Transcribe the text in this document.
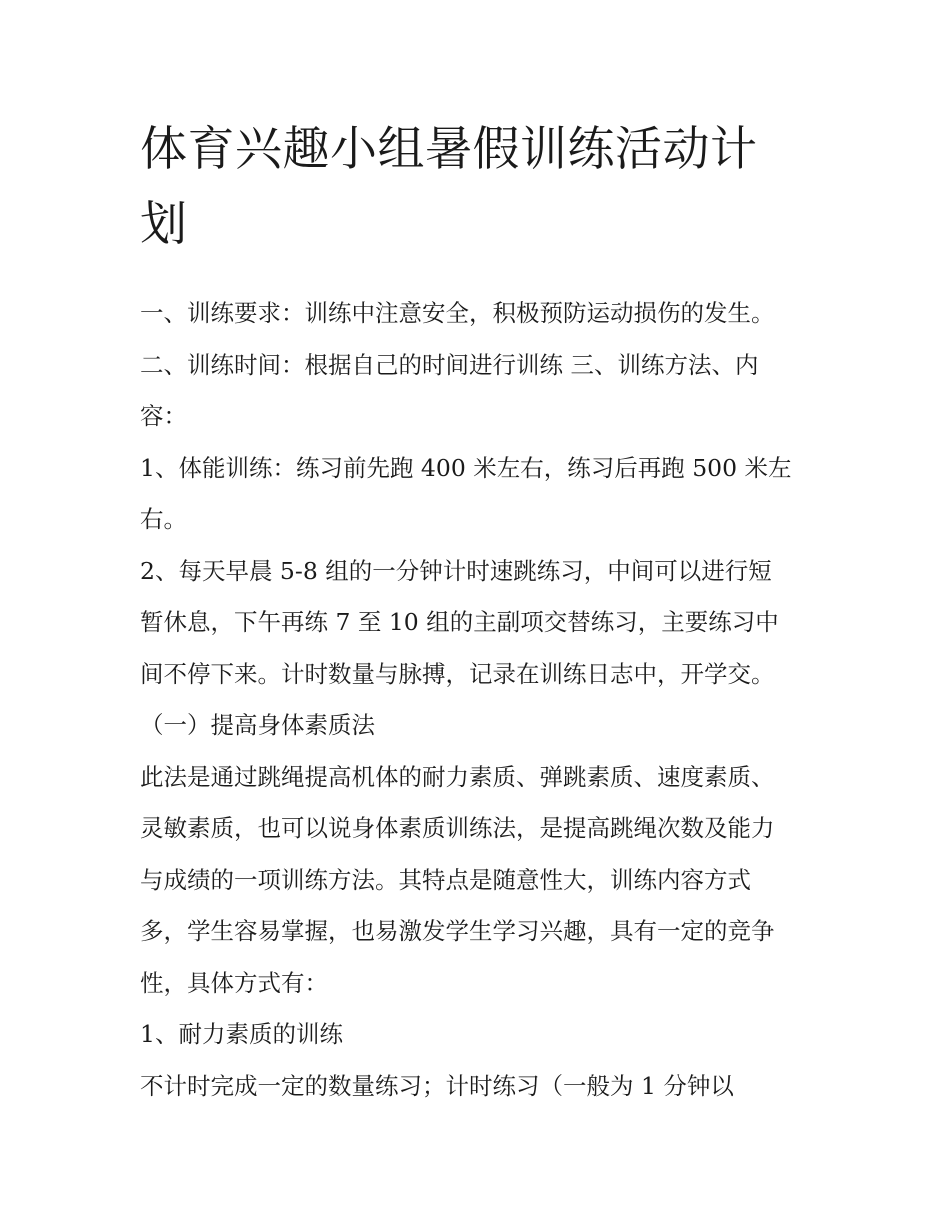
体育兴趣小组暑假训练活动计
划
一、训练要求：训练中注意安全，积极预防运动损伤的发生。
二、训练时间：根据自己的时间进行训练 三、训练方法、内
容：
1、体能训练：练习前先跑 400 米左右，练习后再跑 500 米左
右。
2、每天早晨 5-8 组的一分钟计时速跳练习，中间可以进行短
暂休息，下午再练 7 至 10 组的主副项交替练习，主要练习中
间不停下来。计时数量与脉搏，记录在训练日志中，开学交。
（一）提高身体素质法
此法是通过跳绳提高机体的耐力素质、弹跳素质、速度素质、
灵敏素质，也可以说身体素质训练法，是提高跳绳次数及能力
与成绩的一项训练方法。其特点是随意性大，训练内容方式
多，学生容易掌握，也易激发学生学习兴趣，具有一定的竞争
性，具体方式有：
1、耐力素质的训练
不计时完成一定的数量练习；计时练习（一般为 1 分钟以
